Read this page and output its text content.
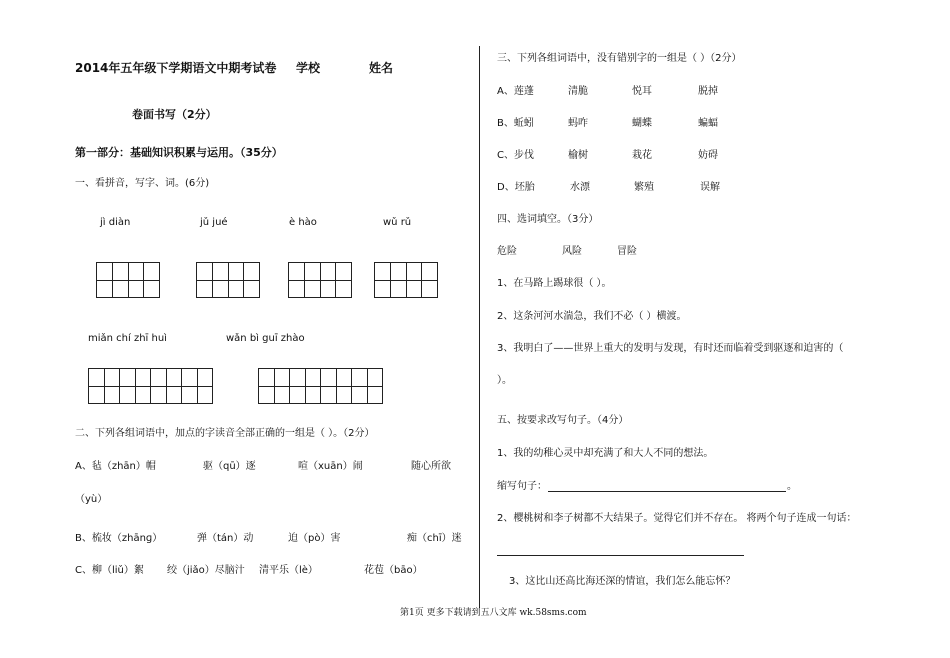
2014年五年级下学期语文中期考试卷 学校	姓名
卷面书写（2分）
第一部分：基础知识积累与运用。（35分）
一、看拼音，写字、词。(6分)
jì diàn	jǔ jué	è hào	wǔ rǔ
miǎn chí zhī huì	wǎn bì guī zhào
二、下列各组词语中，加点的字读音全部正确的一组是（ ）。（2分）
A、毡（zhān）帽	驱（qū）逐	喧（xuān）闹	随心所欲
（yù）
B、梳妆（zhānɡ）	弹（tán）动	迫（pò）害	痴（chī）迷
C、柳（liǔ）絮 绞（jiǎo）尽脑汁 清平乐（lè）	花苞（bāo）
三、下列各组词语中，没有错别字的一组是（ ）（2分）
A、莲蓬	清脆	悦耳	脱掉
B、蚯蚓	蚂咋	蝴蝶	蝙蝠
C、步伐	榆树	栽花	妨碍
D、坯胎	水漂	繁殖	误解
四、选词填空。（3分）
危险	风险	冒险
1、在马路上踢球很（ ）。
2、这条河河水湍急，我们不必（ ）横渡。
3、我明白了——世界上重大的发明与发现，有时还而临着受到驱逐和迫害的（
）。
五、按要求改写句子。（4分）
1、我的幼稚心灵中却充满了和大人不同的想法。
缩写句子：	。
2、樱桃树和李子树都不大结果子。觉得它们并不存在。 将两个句子连成一句话：
3、这比山还高比海还深的情谊，我们怎么能忘怀？
第1页 更多下载请到五八文库 wk.58sms.com
